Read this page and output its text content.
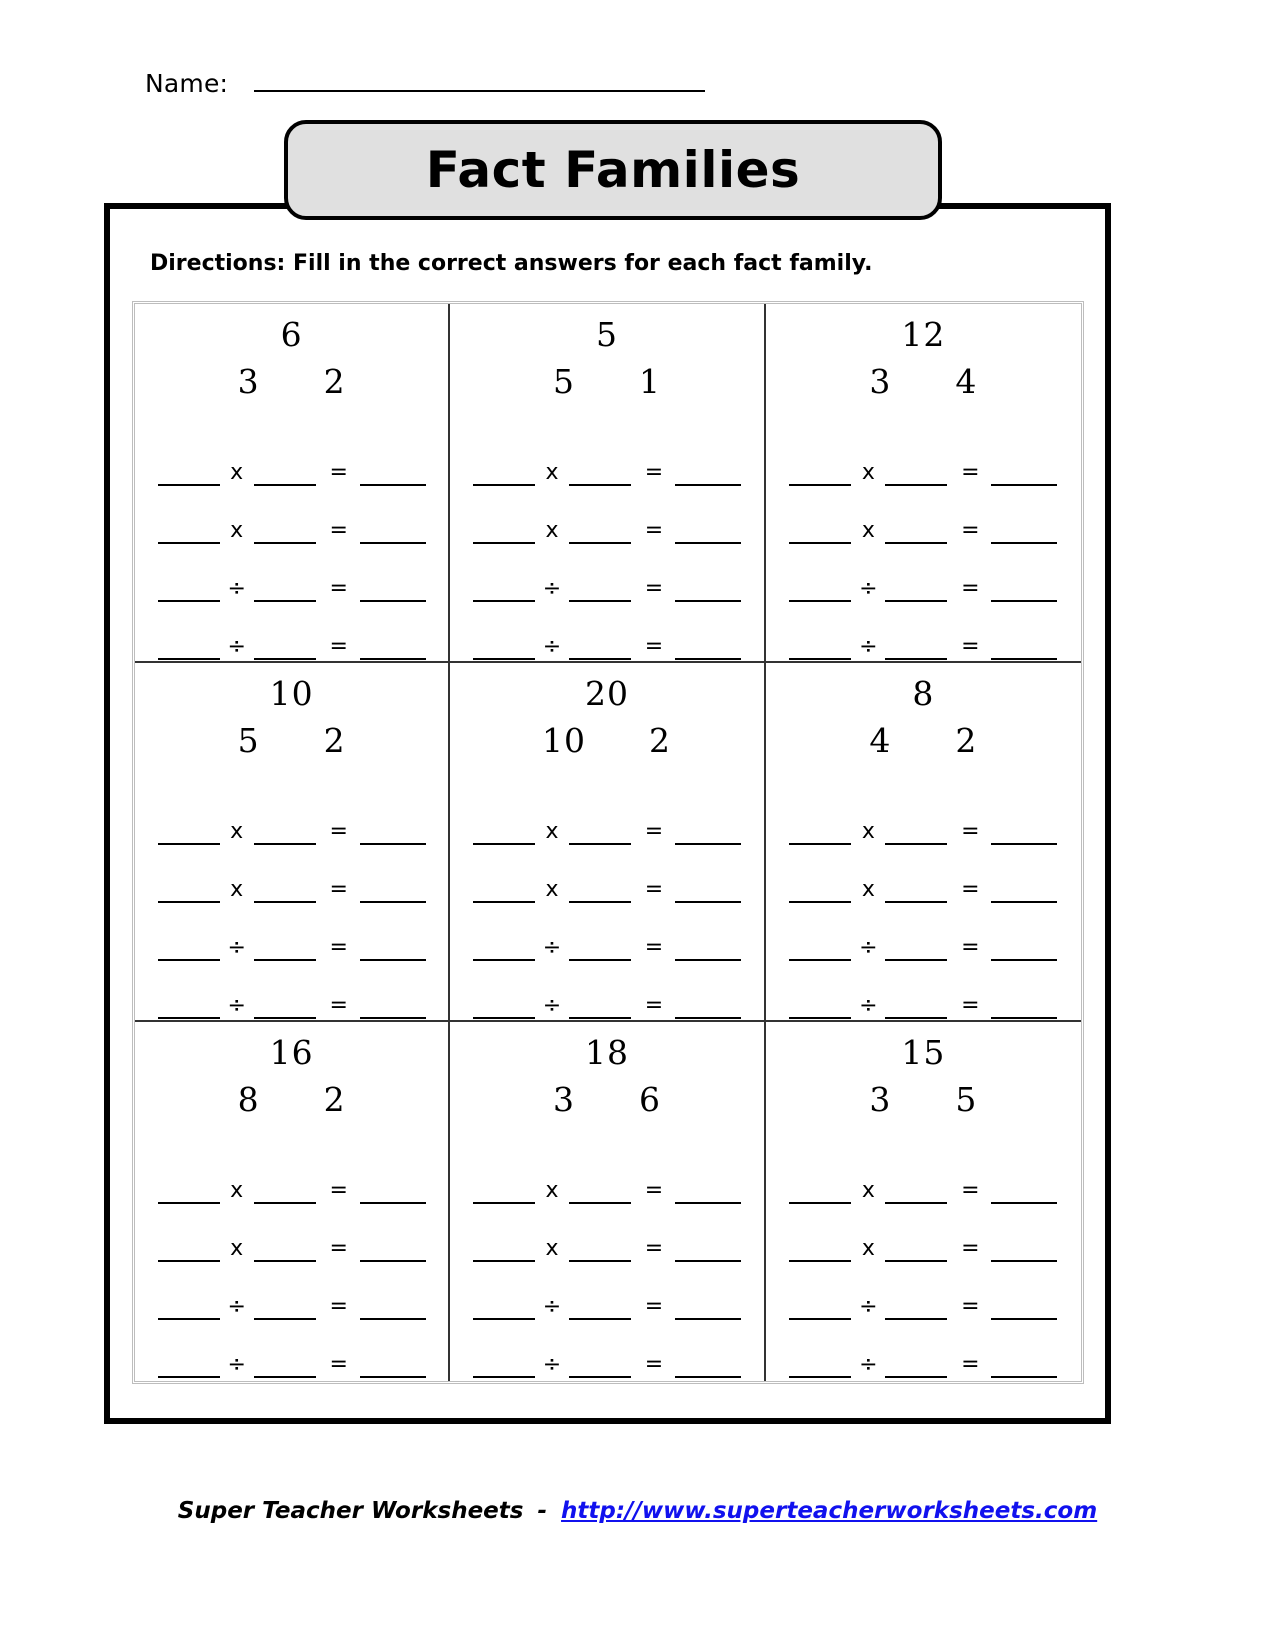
Name:
Fact Families
Directions: Fill in the correct answers for each fact family.
6
3 2
x	=
x	=
÷	=
÷	=
5
5 1
x	=
x	=
÷	=
÷	=
12
3 4
x	=
x	=
÷	=
÷	=
10
5 2
x	=
x	=
÷	=
÷	=
20
10 2
x	=
x	=
÷	=
÷	=
8
4 2
x	=
x	=
÷	=
÷	=
16
8 2
x	=
x	=
÷	=
÷	=
18
3 6
x	=
x	=
÷	=
÷	=
15
3 5
x	=
x	=
÷	=
÷	=
Super Teacher Worksheets - http://www.superteacherworksheets.com
